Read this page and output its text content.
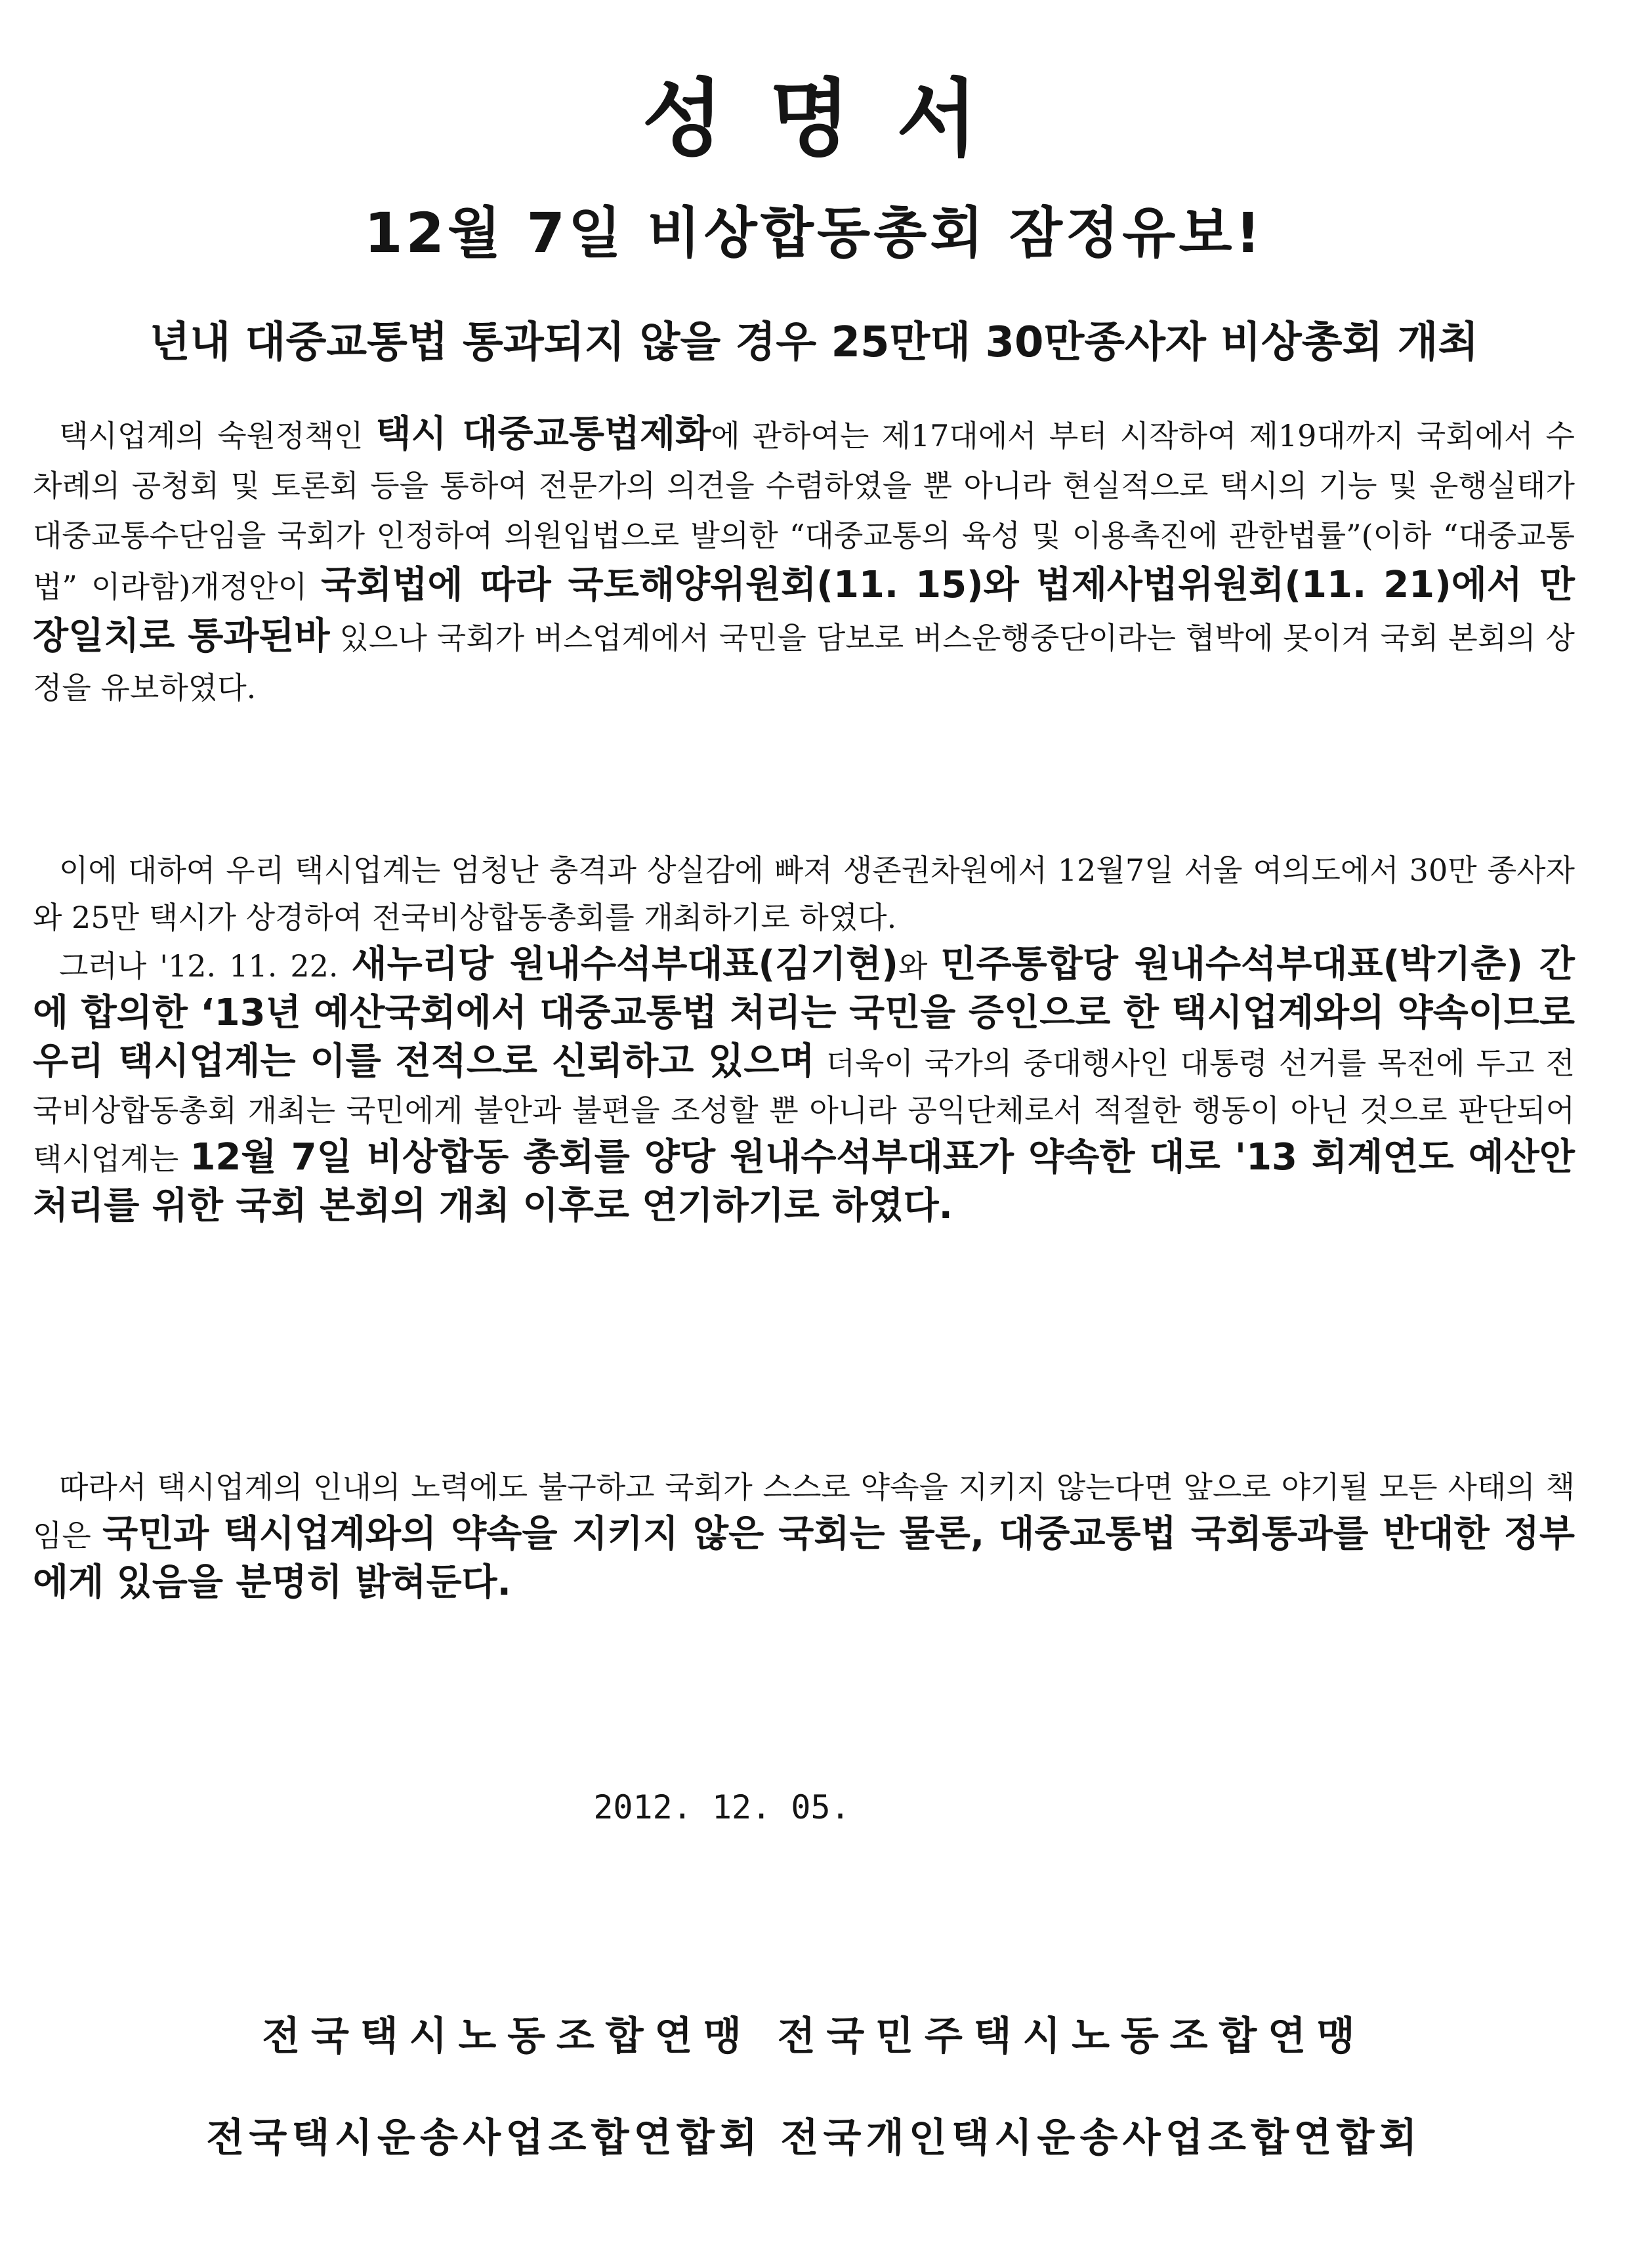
성 명 서
12월 7일 비상합동총회 잠정유보!
년내 대중교통법 통과되지 않을 경우 25만대 30만종사자 비상총회 개최
택시업계의 숙원정책인 택시 대중교통법제화에 관하여는 제17대에서 부터 시작하여 제19대까지 국회에서 수차례의 공청회 및 토론회 등을 통하여 전문가의 의견을 수렴하였을 뿐 아니라 현실적으로 택시의 기능 및 운행실태가 대중교통수단임을 국회가 인정하여 의원입법으로 발의한 “대중교통의 육성 및 이용촉진에 관한법률”(이하 “대중교통법” 이라함)개정안이 국회법에 따라 국토해양위원회(11. 15)와 법제사법위원회(11. 21)에서 만장일치로 통과된바 있으나 국회가 버스업계에서 국민을 담보로 버스운행중단이라는 협박에 못이겨 국회 본회의 상정을 유보하였다.
이에 대하여 우리 택시업계는 엄청난 충격과 상실감에 빠져 생존권차원에서 12월7일 서울 여의도에서 30만 종사자와 25만 택시가 상경하여 전국비상합동총회를 개최하기로 하였다.
그러나 '12. 11. 22. 새누리당 원내수석부대표(김기현)와 민주통합당 원내수석부대표(박기춘) 간에 합의한 ‘13년 예산국회에서 대중교통법 처리는 국민을 증인으로 한 택시업계와의 약속이므로 우리 택시업계는 이를 전적으로 신뢰하고 있으며 더욱이 국가의 중대행사인 대통령 선거를 목전에 두고 전국비상합동총회 개최는 국민에게 불안과 불편을 조성할 뿐 아니라 공익단체로서 적절한 행동이 아닌 것으로 판단되어 택시업계는 12월 7일 비상합동 총회를 양당 원내수석부대표가 약속한 대로 '13 회계연도 예산안 처리를 위한 국회 본회의 개최 이후로 연기하기로 하였다.
따라서 택시업계의 인내의 노력에도 불구하고 국회가 스스로 약속을 지키지 않는다면 앞으로 야기될 모든 사태의 책임은 국민과 택시업계와의 약속을 지키지 않은 국회는 물론, 대중교통법 국회통과를 반대한 정부에게 있음을 분명히 밝혀둔다.
2012. 12. 05.
전국택시노동조합연맹 전국민주택시노동조합연맹
전국택시운송사업조합연합회 전국개인택시운송사업조합연합회
